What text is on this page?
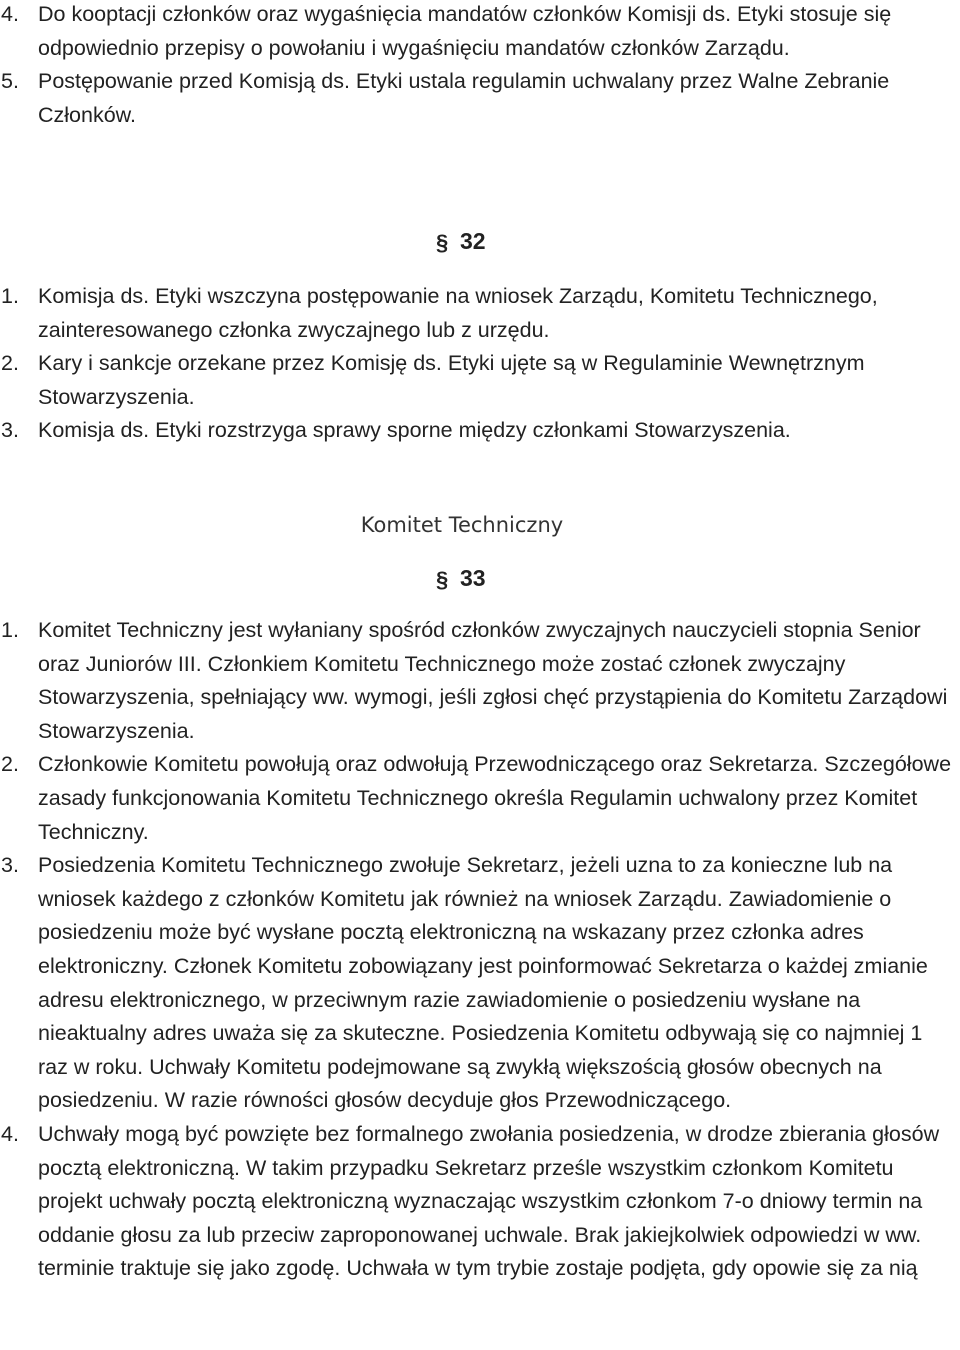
4. Do kooptacji członków oraz wygaśnięcia mandatów członków Komisji ds. Etyki stosuje się odpowiednio przepisy o powołaniu i wygaśnięciu mandatów członków Zarządu.
5. Postępowanie przed Komisją ds. Etyki ustala regulamin uchwalany przez Walne Zebranie Członków.
§ 32
1. Komisja ds. Etyki wszczyna postępowanie na wniosek Zarządu, Komitetu Technicznego, zainteresowanego członka zwyczajnego lub z urzędu.
2. Kary i sankcje orzekane przez Komisję ds. Etyki ujęte są w Regulaminie Wewnętrznym Stowarzyszenia.
3. Komisja ds. Etyki rozstrzyga sprawy sporne między członkami Stowarzyszenia.
Komitet Techniczny
§ 33
1. Komitet Techniczny jest wyłaniany spośród członków zwyczajnych nauczycieli stopnia Senior oraz Juniorów III. Członkiem Komitetu Technicznego może zostać członek zwyczajny Stowarzyszenia, spełniający ww. wymogi, jeśli zgłosi chęć przystąpienia do Komitetu Zarządowi Stowarzyszenia.
2. Członkowie Komitetu powołują oraz odwołują Przewodniczącego oraz Sekretarza. Szczegółowe zasady funkcjonowania Komitetu Technicznego określa Regulamin uchwalony przez Komitet Techniczny.
3. Posiedzenia Komitetu Technicznego zwołuje Sekretarz, jeżeli uzna to za konieczne lub na wniosek każdego z członków Komitetu jak również na wniosek Zarządu. Zawiadomienie o posiedzeniu może być wysłane pocztą elektroniczną na wskazany przez członka adres elektroniczny. Członek Komitetu zobowiązany jest poinformować Sekretarza o każdej zmianie adresu elektronicznego, w przeciwnym razie zawiadomienie o posiedzeniu wysłane na nieaktualny adres uważa się za skuteczne. Posiedzenia Komitetu odbywają się co najmniej 1 raz w roku. Uchwały Komitetu podejmowane są zwykłą większością głosów obecnych na posiedzeniu. W razie równości głosów decyduje głos Przewodniczącego.
4. Uchwały mogą być powzięte bez formalnego zwołania posiedzenia, w drodze zbierania głosów pocztą elektroniczną. W takim przypadku Sekretarz prześle wszystkim członkom Komitetu projekt uchwały pocztą elektroniczną wyznaczając wszystkim członkom 7-o dniowy termin na oddanie głosu za lub przeciw zaproponowanej uchwale. Brak jakiejkolwiek odpowiedzi w ww. terminie traktuje się jako zgodę. Uchwała w tym trybie zostaje podjęta, gdy opowie się za nią
